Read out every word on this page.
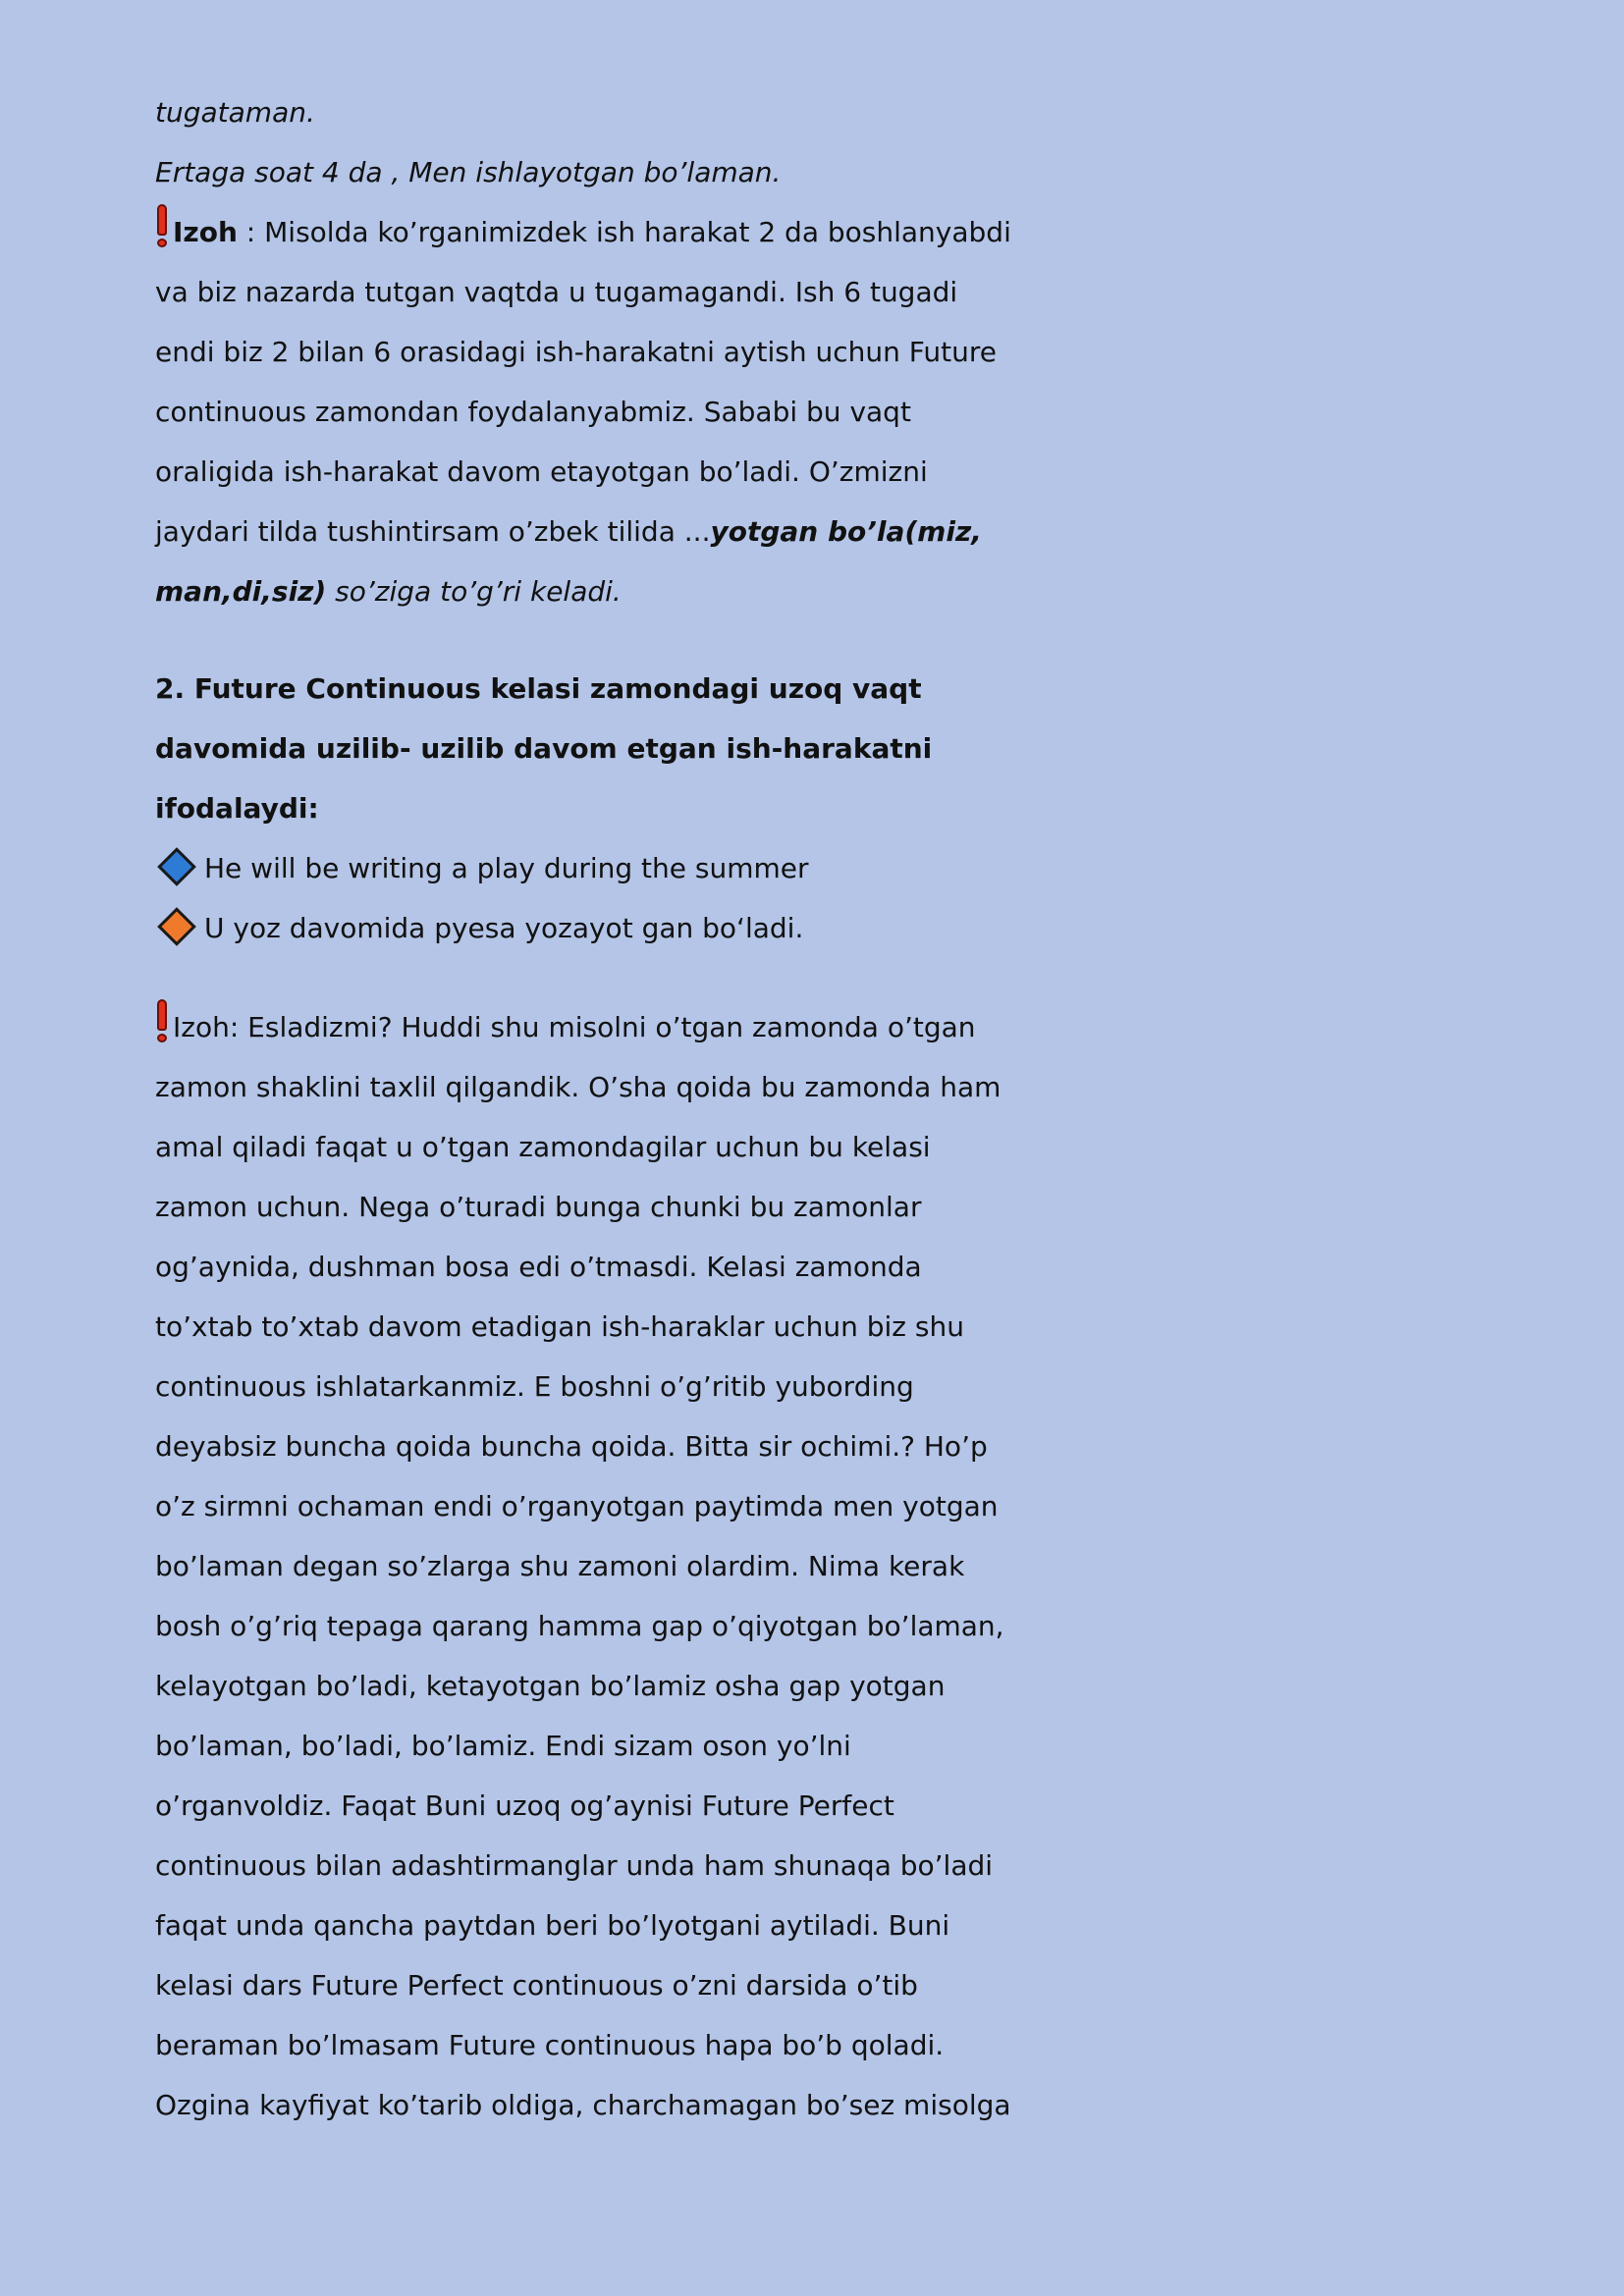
tugataman.
Ertaga soat 4 da , Men ishlayotgan bo’laman.
Izoh : Misolda ko’rganimizdek ish harakat 2 da boshlanyabdi
va biz nazarda tutgan vaqtda u tugamagandi. Ish 6 tugadi
endi biz 2 bilan 6 orasidagi ish-harakatni aytish uchun Future
continuous zamondan foydalanyabmiz. Sababi bu vaqt
oraligida ish-harakat davom etayotgan bo’ladi. O’zmizni
jaydari tilda tushintirsam o’zbek tilida ...yotgan bo’la(miz,
man,di,siz) so’ziga to’g’ri keladi.
2. Future Continuous kelasi zamondagi uzoq vaqt
davomida uzilib- uzilib davom etgan ish-harakatni
ifodalaydi:
He will be writing a play during the summer
U yoz davomida pyesa yozayot gan bo‘ladi.
Izoh: Esladizmi? Huddi shu misolni o’tgan zamonda o’tgan
zamon shaklini taxlil qilgandik. O’sha qoida bu zamonda ham
amal qiladi faqat u o’tgan zamondagilar uchun bu kelasi
zamon uchun. Nega o’turadi bunga chunki bu zamonlar
og’aynida, dushman bosa edi o’tmasdi. Kelasi zamonda
to’xtab to’xtab davom etadigan ish-haraklar uchun biz shu
continuous ishlatarkanmiz. E boshni o’g’ritib yubording
deyabsiz buncha qoida buncha qoida. Bitta sir ochimi.? Ho’p
o’z sirmni ochaman endi o’rganyotgan paytimda men yotgan
bo’laman degan so’zlarga shu zamoni olardim. Nima kerak
bosh o’g’riq tepaga qarang hamma gap o’qiyotgan bo’laman,
kelayotgan bo’ladi, ketayotgan bo’lamiz osha gap yotgan
bo’laman, bo’ladi, bo’lamiz. Endi sizam oson yo’lni
o’rganvoldiz. Faqat Buni uzoq og’aynisi Future Perfect
continuous bilan adashtirmanglar unda ham shunaqa bo’ladi
faqat unda qancha paytdan beri bo’lyotgani aytiladi. Buni
kelasi dars Future Perfect continuous o’zni darsida o’tib
beraman bo’lmasam Future continuous hapa bo’b qoladi.
Ozgina kayfiyat ko’tarib oldiga, charchamagan bo’sez misolga
